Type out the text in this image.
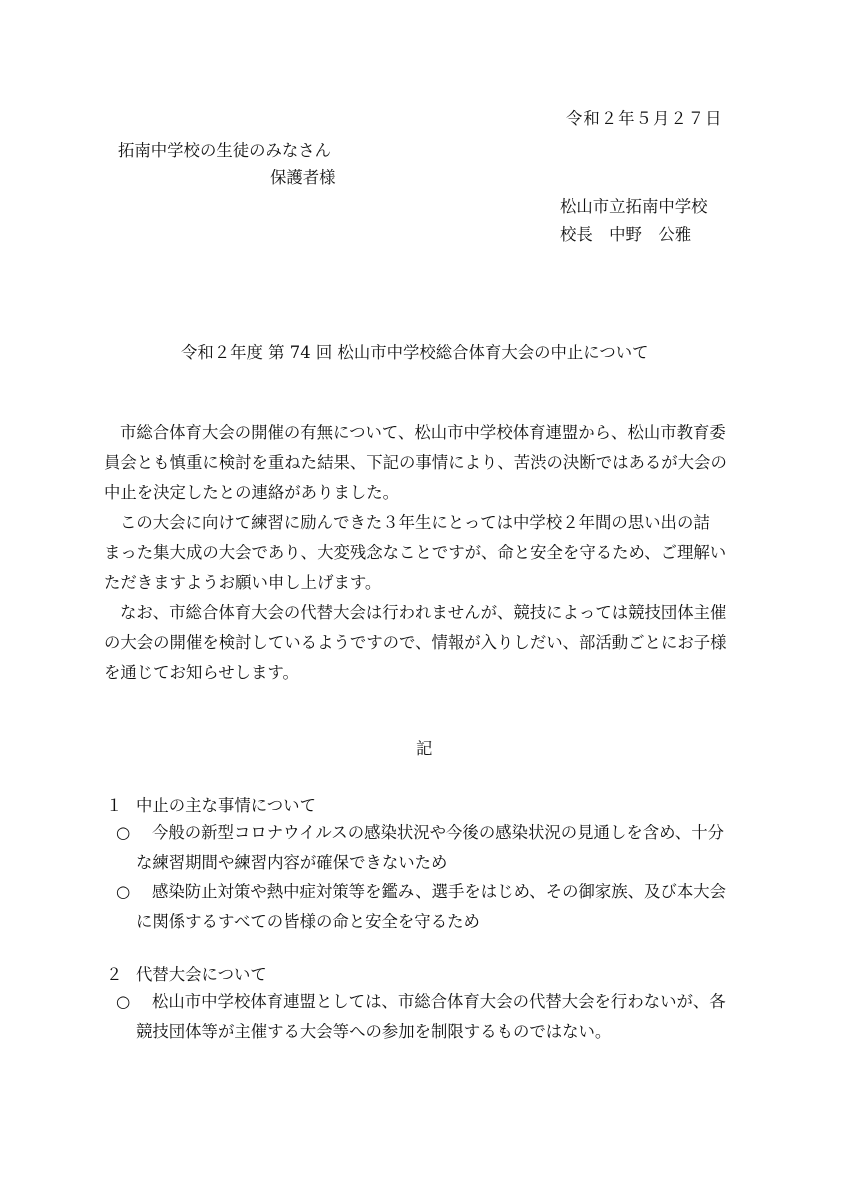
令和２年５月２７日
拓南中学校の生徒のみなさん
保護者様
松山市立拓南中学校
校長　中野　公雅
令和２年度 第 74 回 松山市中学校総合体育大会の中止について
市総合体育大会の開催の有無について、松山市中学校体育連盟から、松山市教育委
員会とも慎重に検討を重ねた結果、下記の事情により、苦渋の決断ではあるが大会の
中止を決定したとの連絡がありました。
この大会に向けて練習に励んできた３年生にとっては中学校２年間の思い出の詰
まった集大成の大会であり、大変残念なことですが、命と安全を守るため、ご理解い
ただきますようお願い申し上げます。
なお、市総合体育大会の代替大会は行われませんが、競技によっては競技団体主催
の大会の開催を検討しているようですので、情報が入りしだい、部活動ごとにお子様
を通じてお知らせします。
記
１ 中止の主な事情について
○ 今般の新型コロナウイルスの感染状況や今後の感染状況の見通しを含め、十分
な練習期間や練習内容が確保できないため
○ 感染防止対策や熱中症対策等を鑑み、選手をはじめ、その御家族、及び本大会
に関係するすべての皆様の命と安全を守るため
２ 代替大会について
○ 松山市中学校体育連盟としては、市総合体育大会の代替大会を行わないが、各
競技団体等が主催する大会等への参加を制限するものではない。
